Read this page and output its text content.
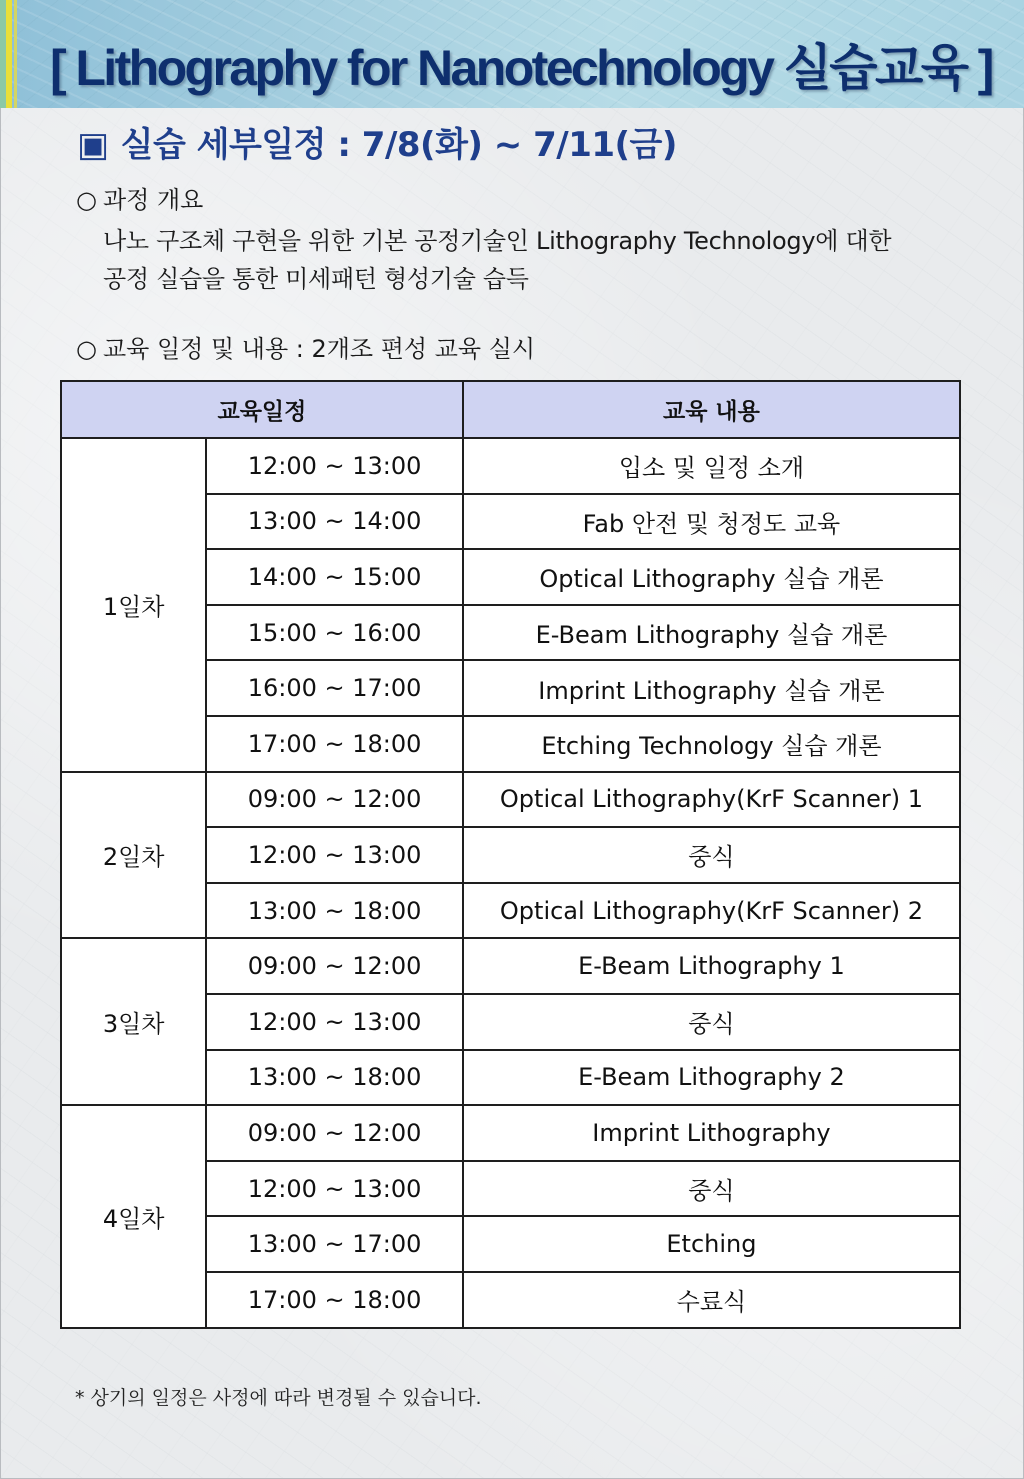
[ Lithography for Nanotechnology 실습교육 ]
▣ 실습 세부일정 : 7/8(화) ~ 7/11(금)
○ 과정 개요
나노 구조체 구현을 위한 기본 공정기술인 Lithography Technology에 대한
공정 실습을 통한 미세패턴 형성기술 습득
○ 교육 일정 및 내용 : 2개조 편성 교육 실시
교육일정		교육 내용
1일차	12:00 ~ 13:00	입소 및 일정 소개
	13:00 ~ 14:00	Fab 안전 및 청정도 교육
	14:00 ~ 15:00	Optical Lithography 실습 개론
	15:00 ~ 16:00	E-Beam Lithography 실습 개론
	16:00 ~ 17:00	Imprint Lithography 실습 개론
	17:00 ~ 18:00	Etching Technology 실습 개론
2일차	09:00 ~ 12:00	Optical Lithography(KrF Scanner) 1
	12:00 ~ 13:00	중식
	13:00 ~ 18:00	Optical Lithography(KrF Scanner) 2
3일차	09:00 ~ 12:00	E-Beam Lithography 1
	12:00 ~ 13:00	중식
	13:00 ~ 18:00	E-Beam Lithography 2
4일차	09:00 ~ 12:00	Imprint Lithography
	12:00 ~ 13:00	중식
	13:00 ~ 17:00	Etching
	17:00 ~ 18:00	수료식
* 상기의 일정은 사정에 따라 변경될 수 있습니다.
